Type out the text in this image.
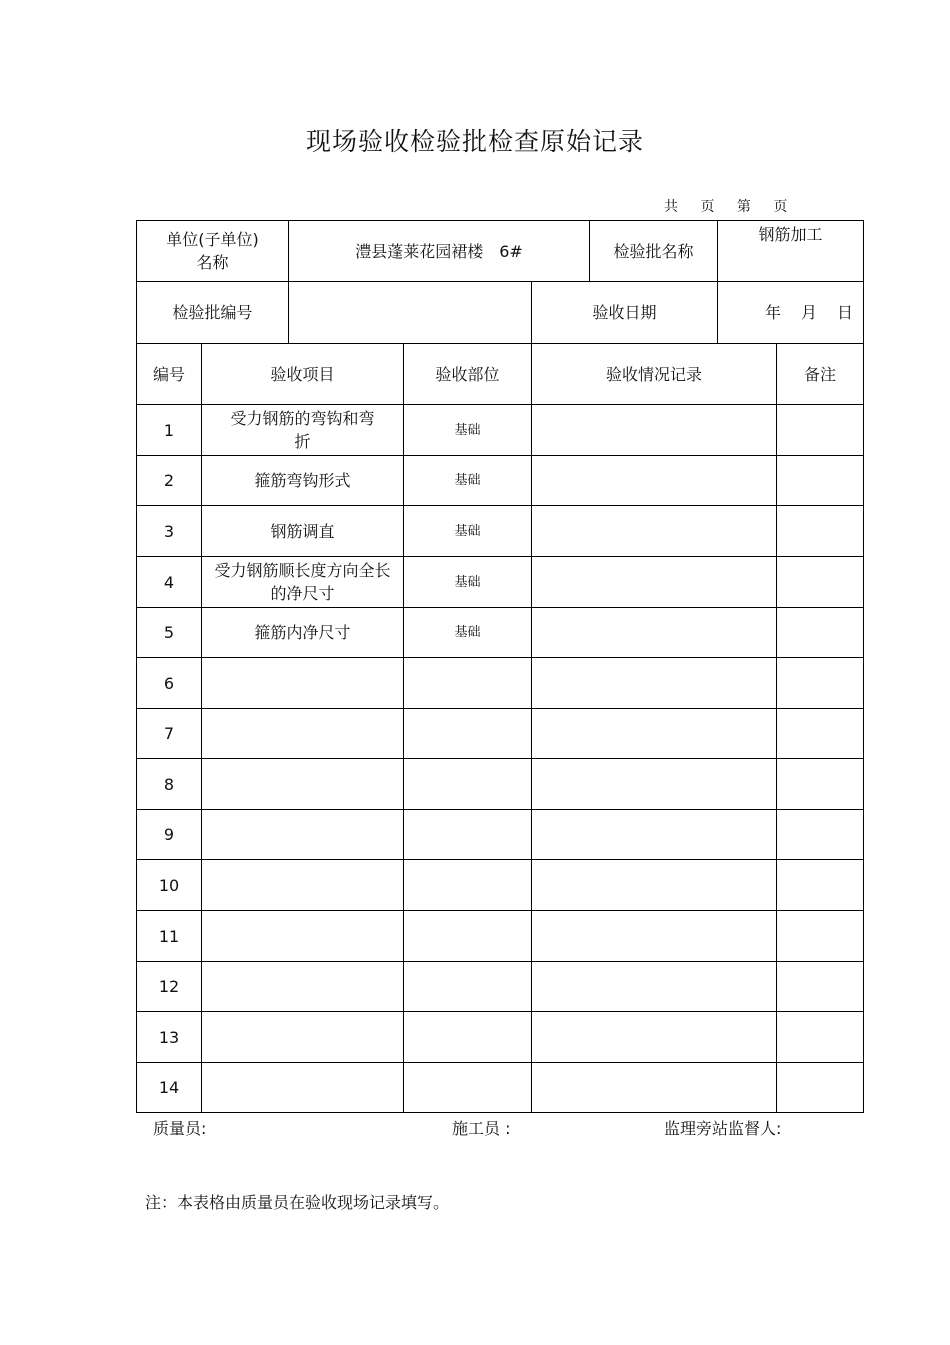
现场验收检验批检查原始记录
共 页 第 页
单位(子单位)
名称	澧县蓬莱花园裙楼　6#		检验批名称	钢筋加工
检验批编号		验收日期		年 月 日
编号	验收项目	验收部位	验收情况记录	备注
1	受力钢筋的弯钩和弯折	基础		
2	箍筋弯钩形式	基础		
3	钢筋调直	基础		
4	受力钢筋顺长度方向全长的净尺寸	基础		
5	箍筋内净尺寸	基础		
6				
7				
8				
9				
10				
11				
12				
13				
14				
质量员:	施工员 :	监理旁站监督人:
注：本表格由质量员在验收现场记录填写。
